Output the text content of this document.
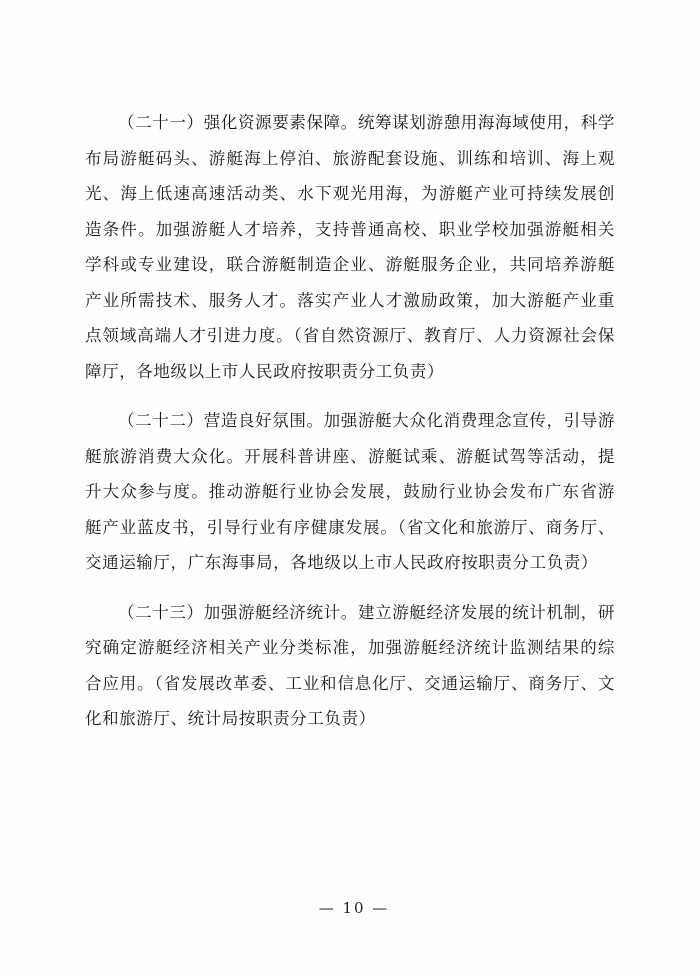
（二十一）强化资源要素保障。统筹谋划游憩用海海域使用，科学布局游艇码头、游艇海上停泊、旅游配套设施、训练和培训、海上观光、海上低速高速活动类、水下观光用海，为游艇产业可持续发展创造条件。加强游艇人才培养，支持普通高校、职业学校加强游艇相关学科或专业建设，联合游艇制造企业、游艇服务企业，共同培养游艇产业所需技术、服务人才。落实产业人才激励政策，加大游艇产业重点领域高端人才引进力度。（省自然资源厅、教育厅、人力资源社会保障厅，各地级以上市人民政府按职责分工负责）

（二十二）营造良好氛围。加强游艇大众化消费理念宣传，引导游艇旅游消费大众化。开展科普讲座、游艇试乘、游艇试驾等活动，提升大众参与度。推动游艇行业协会发展，鼓励行业协会发布广东省游艇产业蓝皮书，引导行业有序健康发展。（省文化和旅游厅、商务厅、交通运输厅，广东海事局，各地级以上市人民政府按职责分工负责）

（二十三）加强游艇经济统计。建立游艇经济发展的统计机制，研究确定游艇经济相关产业分类标准，加强游艇经济统计监测结果的综合应用。（省发展改革委、工业和信息化厅、交通运输厅、商务厅、文化和旅游厅、统计局按职责分工负责）

— 10 —
